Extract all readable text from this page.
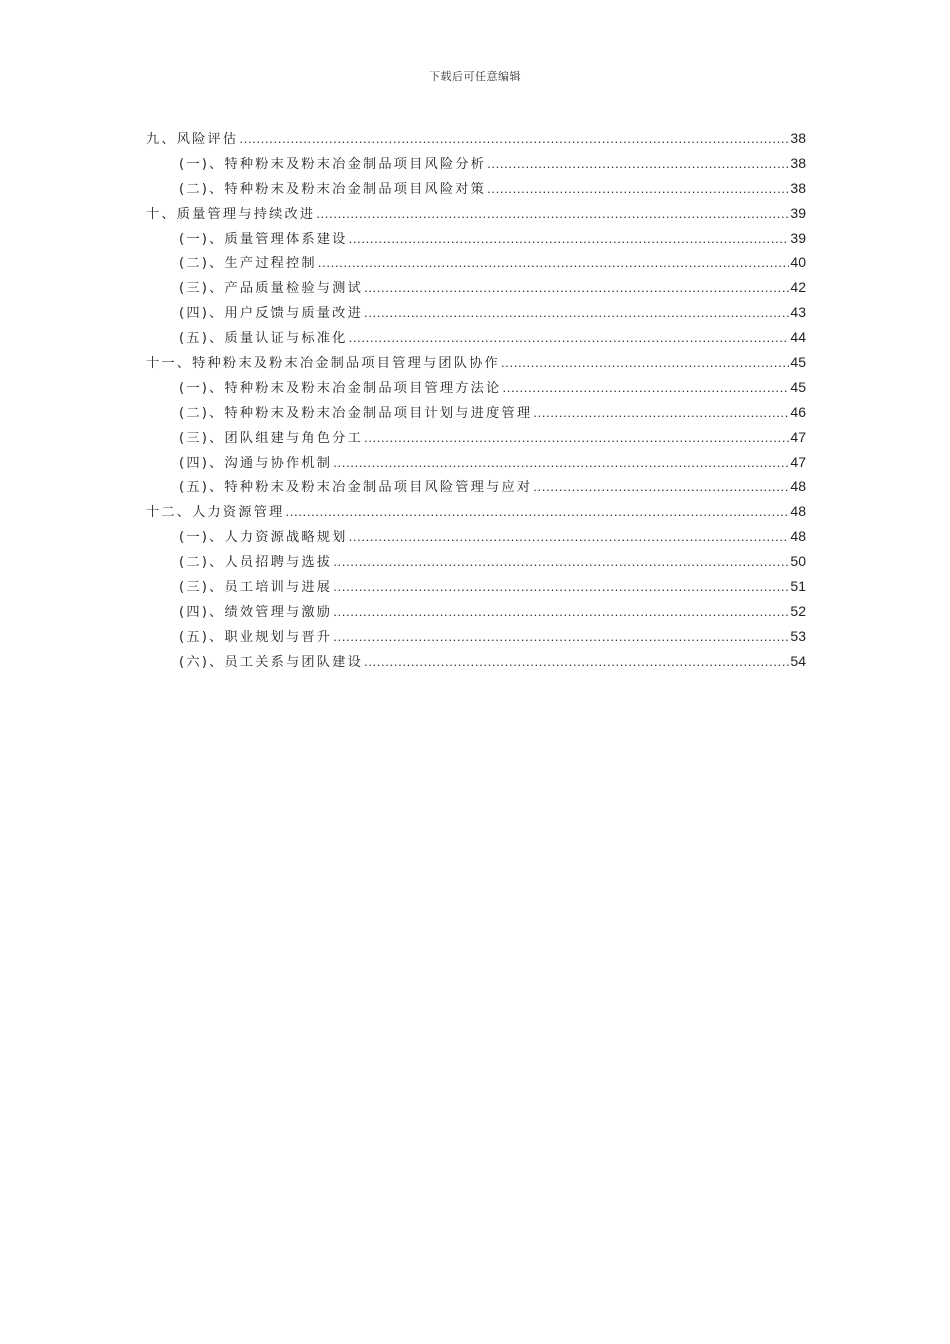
下载后可任意编辑
九、风险评估 .....	38
(一)、特种粉末及粉末冶金制品项目风险分析 .....	38
(二)、特种粉末及粉末冶金制品项目风险对策 .....	38
十、质量管理与持续改进 .....	39
(一)、质量管理体系建设 .....	39
(二)、生产过程控制 .....	40
(三)、产品质量检验与测试 .....	42
(四)、用户反馈与质量改进 .....	43
(五)、质量认证与标准化 .....	44
十一、特种粉末及粉末冶金制品项目管理与团队协作 .....	45
(一)、特种粉末及粉末冶金制品项目管理方法论 .....	45
(二)、特种粉末及粉末冶金制品项目计划与进度管理 .....	46
(三)、团队组建与角色分工 .....	47
(四)、沟通与协作机制 .....	47
(五)、特种粉末及粉末冶金制品项目风险管理与应对 .....	48
十二、人力资源管理 .....	48
(一)、人力资源战略规划 .....	48
(二)、人员招聘与选拔 .....	50
(三)、员工培训与进展 .....	51
(四)、绩效管理与激励 .....	52
(五)、职业规划与晋升 .....	53
(六)、员工关系与团队建设 .....	54
